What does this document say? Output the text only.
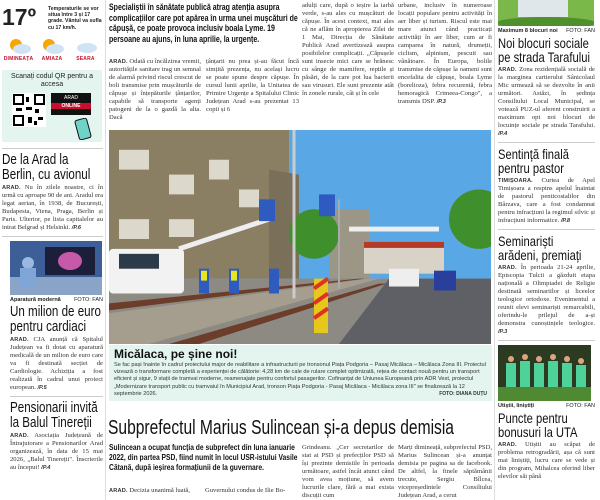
17º Temperaturile se vor situa între 3 și 17 grade. Vântul va sufla cu 17 km/h.
DIMINEAȚA AMIAZA	SEARA
Scanați codul QR pentru a accesa
ARAD
ONLINE
De la Arad la Berlin, cu avionul
ARAD. Nu în zilele noastre, ci în urmă cu aproape 90 de ani. Aradul era legat aerian, în 1938, de București, Budapesta, Viena, Praga, Berlin și Paris. Ulterior, pe lista capitalelor au intrat Belgrad și Helsinki. /P.6
Aparatură modernă FOTO: FAN
Un milion de euro pentru cardiaci
ARAD. CJA anunță că Spitalul Județean va fi dotat cu aparatură medicală de un milion de euro care va fi destinată secției de Cardiologie. Achiziția a fost realizată în cadrul unui proiect european. /P.5
Pensionarii invită la Balul Tinereții
ARAD. Asociația Județeană de Întrajutorare a Pensionarilor Arad organizează, în data de 15 mai 2026, „Balul Tinereții". Înscrierile au început! /P.4
Specialiștii în sănătate publică atrag atenția asupra complicațiilor care pot apărea în urma unei mușcături de căpușă, ce poate provoca inclusiv boala Lyme. 19 persoane au ajuns, în luna aprilie, la urgențe.
ARAD. Odată cu încălzirea vremii, autoritățile sanitare trag un semnal de alarmă privind riscul crescut de boli transmise prin mușcăturile de căpușe și înțepăturile țânțarilor, capabile să transporte agenți patogeni de la o gazdă la alta. Dacă
țânțarii nu prea și-au făcut încă simțită prezența, nu același lucru se poate spune despre căpușe. În cursul lunii aprilie, la Unitatea de Primire Urgențe a Spitalului Clinic Județean Arad s-au prezentat 13 copii și 6
adulți care, după o ieșire la iarbă verde, s-au ales cu mușcături de căpușe. În acest context, mai ales că ne aflăm în apropierea Zilei de 1 Mai, Direcția de Sănătate Publică Arad avertizează asupra posibilelor complicații. „Căpușele sunt insecte mici care se hrănesc cu sânge de mamifere, reptile și păsări, de la care pot lua bacterii sau virusuri. Ele sunt prezente atât în zonele rurale, cât și în cele
urbane, inclusiv în numeroase locații populare pentru activități în aer liber și turism. Riscul este mai mare atunci când practicați activități în aer liber, cum ar fi camparea în natură, drumeții, ciclism, alpinism, pescuit sau vânătoare. În Europa, bolile transmise de căpușe la oameni sunt encefalita de căpușe, boala Lyme (borelioza), febra recurentă, febra hemoragică Crimeea-Congo", a transmis DSP. /P.3
Micălaca, pe șine noi!
Se fac pași înainte în cadrul proiectului major de reabilitare a infrastructurii pe tronsonul Piața Podgoria – Pasaj Micălaca – Micălaca Zona III. Proiectul vizează o transformare completă a experienței de călătorie: 4,28 km de cale de rulare complet optimizată, rețea de contact nouă pentru un transport eficient și sigur, 9 stații de tramvai moderne, reamenajate pentru confortul pasagerilor. Cofinanțat de Uniunea Europeană prin ADR Vest, proiectul „Modernizare transport public cu tramvaiul în Municipiul Arad, tronson Piața Podgoria - Pasaj Micălaca - Micălaca zona III" se finalizează la 12 septembrie 2026.	FOTO: DIANA DUȚU
Subprefectul Marius Sulincean și-a depus demisia
Sulincean a ocupat funcția de subprefect din luna ianuarie 2022, din partea PSD, fiind numit în locul USR-istului Vasile Cătană, după ieșirea formațiunii de la guvernare.
ARAD. Decizia unanimă luată,	Guvernului condus de Ilie Bo-
Grindeanu. „Cer secretarilor de stat ai PSD și prefecților PSD să își prezinte demisiile în perioada următoare, astfel încât atunci când vom avea moțiune, să avem lucrurile clare, fără a mai exista discuții cum
Marți dimineață, subprefectul PSD, Marius Sulincean și-a anunțat demisia pe pagina sa de facebook. De altfel, la finele săptămânii trecute, Sergiu Bîlcea, vicepreședintele Consiliului Județean Arad, a cerut
Maximum 8 blocuri noi FOTO: FAN
Noi blocuri sociale pe strada Tarafului
ARAD. Zona rezidențială socială de la marginea cartierului Sânicolaul Mic urmează să se dezvolte în anii următori. Astăzi, în ședința Consiliului Local Municipal, se votează PUZ-ul aferent construirii a maximum opt noi blocuri de locuințe sociale pe strada Tarafului. /P.4
Sentință finală pentru pastor
TIMIȘOARA. Curtea de Apel Timișoara a respins apelul înaintat de pastorul penticostalilor din Bârzava, care a fost condamnat pentru infracțiuni la regimul silvic și infracțiuni informatice. /P.8
Seminariști arădeni, premiați
ARAD. În perioada 21-24 aprilie, Episcopia Tulcii a găzduit etapa națională a Olimpiadei de Religie destinată seminariilor și liceelor teologice ortodoxe. Evenimentul a reunit elevi seminariști remarcabili, oferindu-le prilejul de a-și demonstra cunoștințele teologice. /P.3
Utiștii, liniștiți	FOTO: FAN
Puncte pentru bonusuri la UTA
ARAD. Utiștii au scăpat de problema retrogradării, așa că sunt mai liniștiți, lucru care se vede și din program, Mihalcea oferind liber elevilor săi până
